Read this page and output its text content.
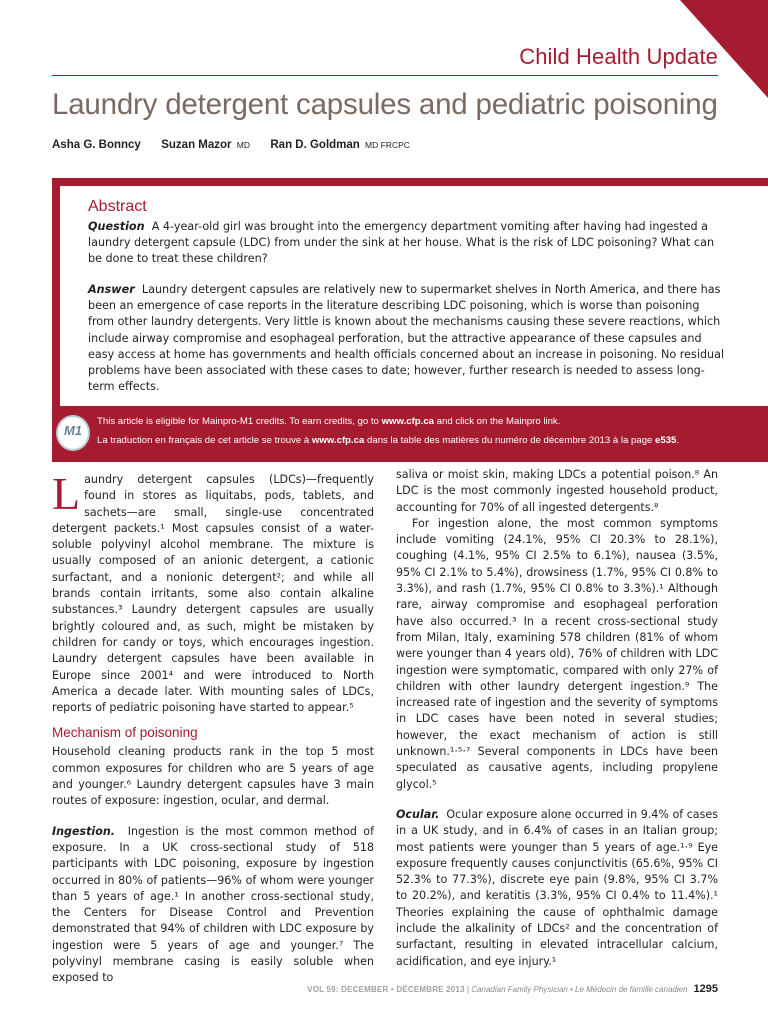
Child Health Update
Laundry detergent capsules and pediatric poisoning
Asha G. Bonncy Suzan Mazor MD Ran D. Goldman MD FRCPC
Abstract
Question A 4-year-old girl was brought into the emergency department vomiting after having had ingested a laundry detergent capsule (LDC) from under the sink at her house. What is the risk of LDC poisoning? What can be done to treat these children?
Answer Laundry detergent capsules are relatively new to supermarket shelves in North America, and there has been an emergence of case reports in the literature describing LDC poisoning, which is worse than poisoning from other laundry detergents. Very little is known about the mechanisms causing these severe reactions, which include airway compromise and esophageal perforation, but the attractive appearance of these capsules and easy access at home has governments and health officials concerned about an increase in poisoning. No residual problems have been associated with these cases to date; however, further research is needed to assess long-term effects.
M1
This article is eligible for Mainpro-M1 credits. To earn credits, go to www.cfp.ca and click on the Mainpro link.
La traduction en français de cet article se trouve à www.cfp.ca dans la table des matières du numéro de décembre 2013 à la page e535.

Laundry detergent capsules (LDCs)—frequently found in stores as liquitabs, pods, tablets, and sachets—are small, single-use concentrated detergent packets.¹ Most capsules consist of a water-soluble polyvinyl alcohol membrane. The mixture is usually composed of an anionic detergent, a cationic surfactant, and a nonionic detergent²; and while all brands contain irritants, some also contain alkaline substances.³ Laundry detergent capsules are usually brightly coloured and, as such, might be mistaken by children for candy or toys, which encourages ingestion. Laundry detergent capsules have been available in Europe since 2001⁴ and were introduced to North America a decade later. With mounting sales of LDCs, reports of pediatric poisoning have started to appear.⁵

Mechanism of poisoning

Household cleaning products rank in the top 5 most common exposures for children who are 5 years of age and younger.⁶ Laundry detergent capsules have 3 main routes of exposure: ingestion, ocular, and dermal.

Ingestion. Ingestion is the most common method of exposure. In a UK cross-sectional study of 518 participants with LDC poisoning, exposure by ingestion occurred in 80% of patients—96% of whom were younger than 5 years of age.¹ In another cross-sectional study, the Centers for Disease Control and Prevention demonstrated that 94% of children with LDC exposure by ingestion were 5 years of age and younger.⁷ The polyvinyl membrane casing is easily soluble when exposed to

saliva or moist skin, making LDCs a potential poison.⁸ An LDC is the most commonly ingested household product, accounting for 70% of all ingested detergents.⁸

For ingestion alone, the most common symptoms include vomiting (24.1%, 95% CI 20.3% to 28.1%), coughing (4.1%, 95% CI 2.5% to 6.1%), nausea (3.5%, 95% CI 2.1% to 5.4%), drowsiness (1.7%, 95% CI 0.8% to 3.3%), and rash (1.7%, 95% CI 0.8% to 3.3%).¹ Although rare, airway compromise and esophageal perforation have also occurred.³ In a recent cross-sectional study from Milan, Italy, examining 578 children (81% of whom were younger than 4 years old), 76% of children with LDC ingestion were symptomatic, compared with only 27% of children with other laundry detergent ingestion.⁹ The increased rate of ingestion and the severity of symptoms in LDC cases have been noted in several studies; however, the exact mechanism of action is still unknown.¹·⁵·⁷ Several components in LDCs have been speculated as causative agents, including propylene glycol.⁵

Ocular. Ocular exposure alone occurred in 9.4% of cases in a UK study, and in 6.4% of cases in an Italian group; most patients were younger than 5 years of age.¹·⁹ Eye exposure frequently causes conjunctivitis (65.6%, 95% CI 52.3% to 77.3%), discrete eye pain (9.8%, 95% CI 3.7% to 20.2%), and keratitis (3.3%, 95% CI 0.4% to 11.4%).¹ Theories explaining the cause of ophthalmic damage include the alkalinity of LDCs² and the concentration of surfactant, resulting in elevated intracellular calcium, acidification, and eye injury.¹

VOL 59: DECEMBER • DÉCEMBRE 2013 | Canadian Family Physician • Le Médecin de famille canadien 1295
